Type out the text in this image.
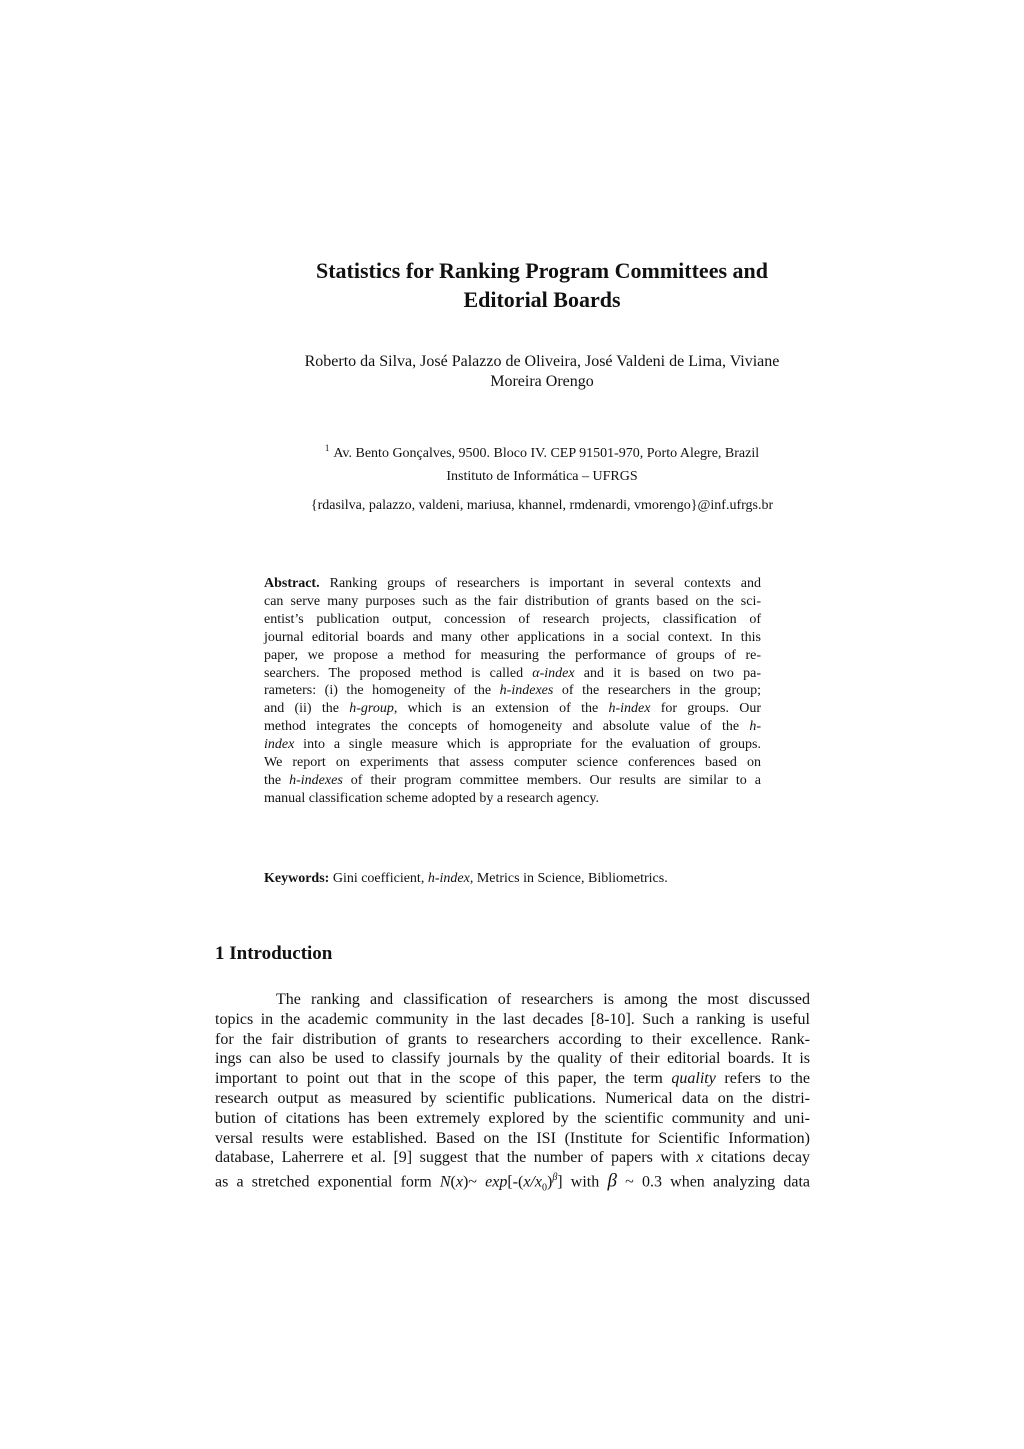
Statistics for Ranking Program Committees and
Editorial Boards

Roberto da Silva, José Palazzo de Oliveira, José Valdeni de Lima, Viviane
Moreira Orengo

$^1$ Av. Bento Gonçalves, 9500. Bloco IV. CEP 91501-970, Porto Alegre, Brazil

Instituto de Informática – UFRGS

{rdasilva, palazzo, valdeni, mariusa, khannel, rmdenardi, vmorengo}@inf.ufrgs.br

Abstract. Ranking groups of researchers is important in several contexts and
can serve many purposes such as the fair distribution of grants based on the sci-
entist’s publication output, concession of research projects, classification of
journal editorial boards and many other applications in a social context. In this
paper, we propose a method for measuring the performance of groups of re-
searchers. The proposed method is called α-index and it is based on two pa-
rameters: (i) the homogeneity of the h-indexes of the researchers in the group;
and (ii) the h-group, which is an extension of the h-index for groups. Our
method integrates the concepts of homogeneity and absolute value of the h-
index into a single measure which is appropriate for the evaluation of groups.
We report on experiments that assess computer science conferences based on
the h-indexes of their program committee members. Our results are similar to a
manual classification scheme adopted by a research agency.

Keywords: Gini coefficient, h-index, Metrics in Science, Bibliometrics.

1 Introduction
The ranking and classification of researchers is among the most discussed
topics in the academic community in the last decades [8-10]. Such a ranking is useful
for the fair distribution of grants to researchers according to their excellence. Rank-
ings can also be used to classify journals by the quality of their editorial boards. It is
important to point out that in the scope of this paper, the term quality refers to the
research output as measured by scientific publications. Numerical data on the distri-
bution of citations has been extremely explored by the scientific community and uni-
versal results were established. Based on the ISI (Institute for Scientific Information)
database, Laherrere et al. [9] suggest that the number of papers with x citations decay
as a stretched exponential form N(x)~ $\exp[-(x/x_0)^\beta]$ with β ~ 0.3 when analyzing data
